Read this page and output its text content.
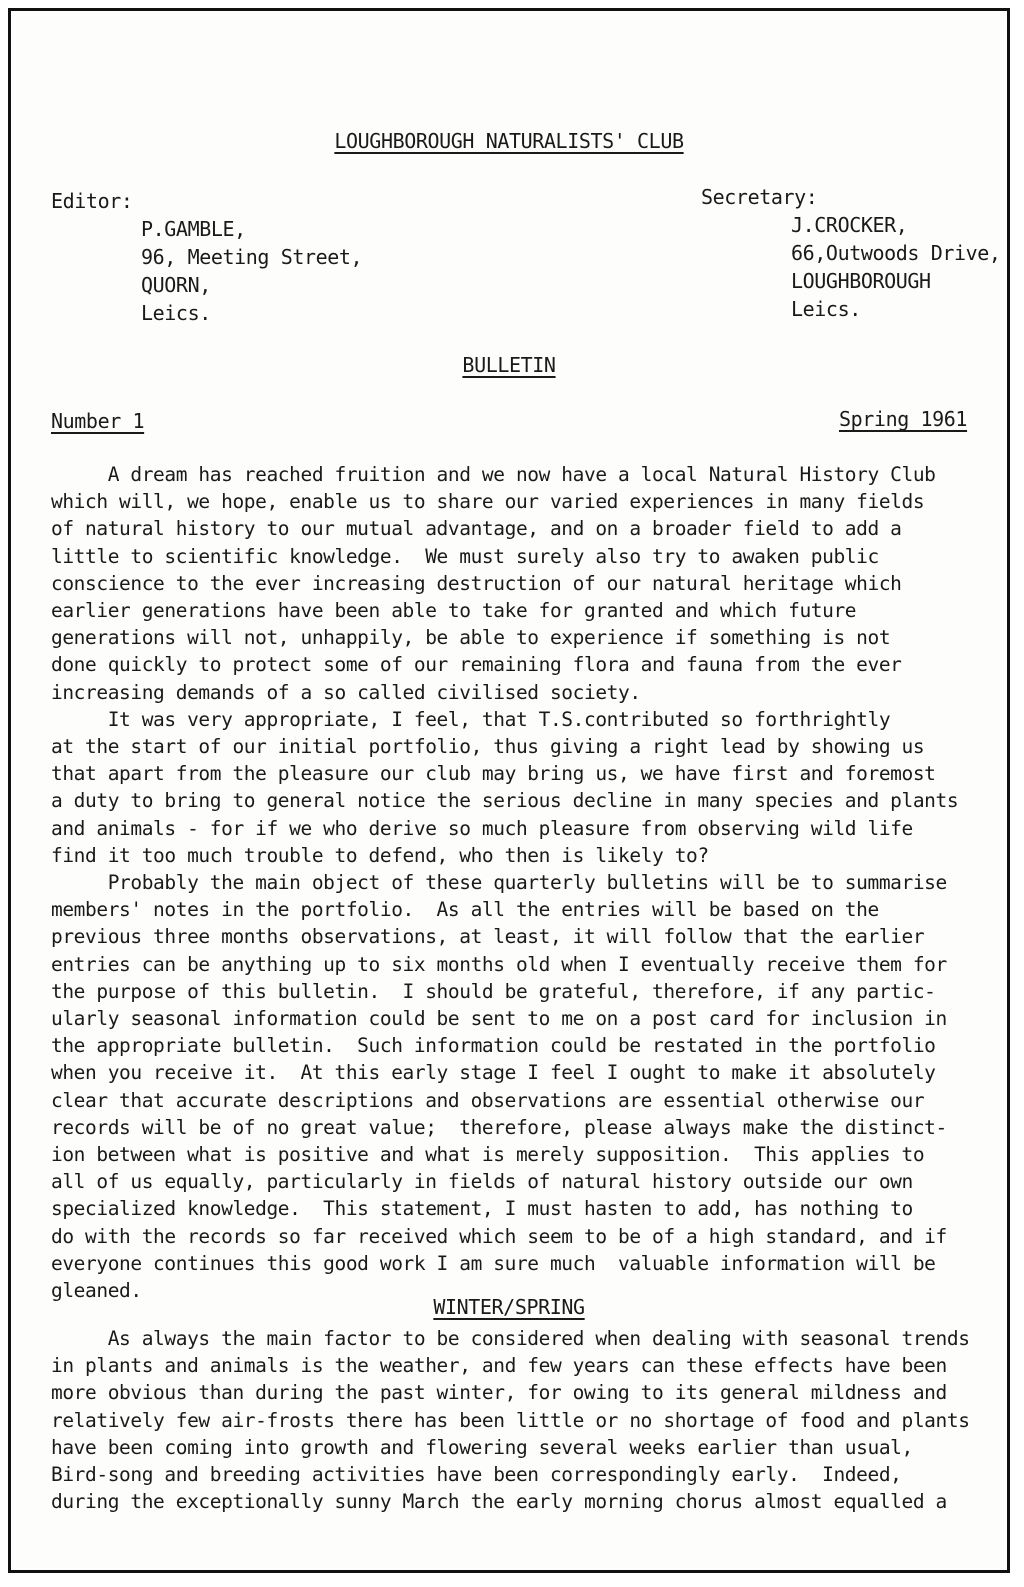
LOUGHBOROUGH NATURALISTS' CLUB
Editor:
P.GAMBLE,
96, Meeting Street,
QUORN,
Leics.
Secretary:
J.CROCKER,
66,Outwoods Drive,
LOUGHBOROUGH
Leics.
BULLETIN
Number 1	Spring 1961
A dream has reached fruition and we now have a local Natural History Club
which will, we hope, enable us to share our varied experiences in many fields
of natural history to our mutual advantage, and on a broader field to add a
little to scientific knowledge.  We must surely also try to awaken public
conscience to the ever increasing destruction of our natural heritage which
earlier generations have been able to take for granted and which future
generations will not, unhappily, be able to experience if something is not
done quickly to protect some of our remaining flora and fauna from the ever
increasing demands of a so called civilised society.
It was very appropriate, I feel, that T.S.contributed so forthrightly
at the start of our initial portfolio, thus giving a right lead by showing us
that apart from the pleasure our club may bring us, we have first and foremost
a duty to bring to general notice the serious decline in many species and plants
and animals - for if we who derive so much pleasure from observing wild life
find it too much trouble to defend, who then is likely to?
Probably the main object of these quarterly bulletins will be to summarise
members' notes in the portfolio.  As all the entries will be based on the
previous three months observations, at least, it will follow that the earlier
entries can be anything up to six months old when I eventually receive them for
the purpose of this bulletin.  I should be grateful, therefore, if any partic-
ularly seasonal information could be sent to me on a post card for inclusion in
the appropriate bulletin.  Such information could be restated in the portfolio
when you receive it.  At this early stage I feel I ought to make it absolutely
clear that accurate descriptions and observations are essential otherwise our
records will be of no great value;  therefore, please always make the distinct-
ion between what is positive and what is merely supposition.  This applies to
all of us equally, particularly in fields of natural history outside our own
specialized knowledge.  This statement, I must hasten to add, has nothing to
do with the records so far received which seem to be of a high standard, and if
everyone continues this good work I am sure much  valuable information will be
gleaned.
WINTER/SPRING
As always the main factor to be considered when dealing with seasonal trends
in plants and animals is the weather, and few years can these effects have been
more obvious than during the past winter, for owing to its general mildness and
relatively few air-frosts there has been little or no shortage of food and plants
have been coming into growth and flowering several weeks earlier than usual,
Bird-song and breeding activities have been correspondingly early.  Indeed,
during the exceptionally sunny March the early morning chorus almost equalled a
